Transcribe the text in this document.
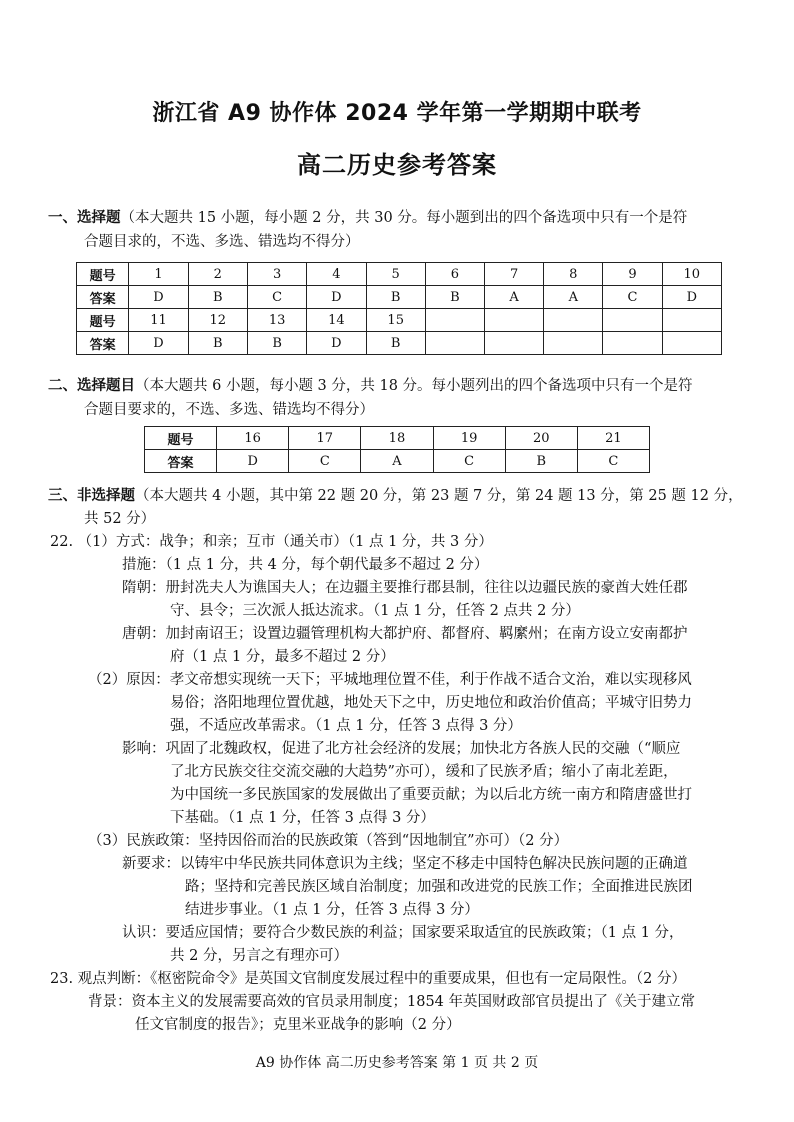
浙江省 A9 协作体 2024 学年第一学期期中联考
高二历史参考答案
一、选择题（本大题共 15 小题，每小题 2 分，共 30 分。每小题到出的四个备选项中只有一个是符
合题目求的，不选、多选、错选均不得分）
题号	1	2	3	4	5	6	7	8	9	10
答案	D	B	C	D	B	B	A	A	C	D
题号	11	12	13	14	15					
答案	D	B	B	D	B					
二、选择题目（本大题共 6 小题，每小题 3 分，共 18 分。每小题列出的四个备选项中只有一个是符
合题目要求的，不选、多选、错选均不得分）
题号	16	17	18	19	20	21
答案	D	C	A	C	B	C
三、非选择题（本大题共 4 小题，其中第 22 题 20 分，第 23 题 7 分，第 24 题 13 分，第 25 题 12 分，
共 52 分）
22. （1）方式：战争；和亲；互市（通关市）（1 点 1 分，共 3 分）
措施：（1 点 1 分，共 4 分，每个朝代最多不超过 2 分）
隋朝：册封冼夫人为谯国夫人；在边疆主要推行郡县制，往往以边疆民族的豪酋大姓任郡
守、县令；三次派人抵达流求。（1 点 1 分，任答 2 点共 2 分）
唐朝：加封南诏王；设置边疆管理机构大都护府、都督府、羁縻州；在南方设立安南都护
府（1 点 1 分，最多不超过 2 分）
（2）原因：孝文帝想实现统一天下；平城地理位置不佳，利于作战不适合文治，难以实现移风
易俗；洛阳地理位置优越，地处天下之中，历史地位和政治价值高；平城守旧势力
强，不适应改革需求。（1 点 1 分，任答 3 点得 3 分）
影响：巩固了北魏政权，促进了北方社会经济的发展；加快北方各族人民的交融（“顺应
了北方民族交往交流交融的大趋势”亦可），缓和了民族矛盾；缩小了南北差距，
为中国统一多民族国家的发展做出了重要贡献；为以后北方统一南方和隋唐盛世打
下基础。（1 点 1 分，任答 3 点得 3 分）
（3）民族政策：坚持因俗而治的民族政策（答到“因地制宜”亦可）（2 分）
新要求：以铸牢中华民族共同体意识为主线；坚定不移走中国特色解决民族问题的正确道
路；坚持和完善民族区域自治制度；加强和改进党的民族工作；全面推进民族团
结进步事业。（1 点 1 分，任答 3 点得 3 分）
认识：要适应国情；要符合少数民族的利益；国家要采取适宜的民族政策；（1 点 1 分，
共 2 分，另言之有理亦可）
23. 观点判断：《枢密院命令》是英国文官制度发展过程中的重要成果，但也有一定局限性。（2 分）
背景：资本主义的发展需要高效的官员录用制度；1854 年英国财政部官员提出了《关于建立常
任文官制度的报告》；克里米亚战争的影响（2 分）
A9 协作体 高二历史参考答案 第 1 页 共 2 页
